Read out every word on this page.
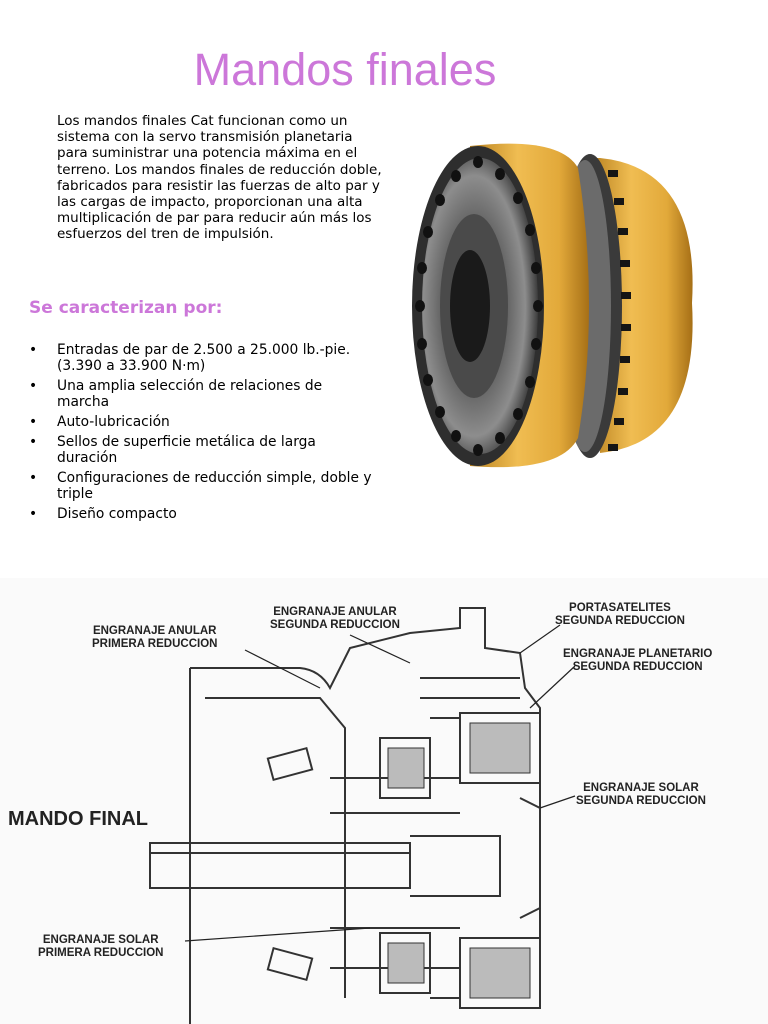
Mandos finales

Los mandos finales Cat funcionan como un sistema con la servo transmisión planetaria para suministrar una potencia máxima en el terreno. Los mandos finales de reducción doble, fabricados para resistir las fuerzas de alto par y las cargas de impacto, proporcionan una alta multiplicación de par para reducir aún más los esfuerzos del tren de impulsión.

Se caracterizan por:
• Entradas de par de 2.500 a 25.000 lb.-pie. (3.390 a 33.900 N·m)
• Una amplia selección de relaciones de marcha
• Auto-lubricación
• Sellos de superficie metálica de larga duración
• Configuraciones de reducción simple, doble y triple
• Diseño compacto
ENGRANAJE ANULAR
PRIMERA REDUCCION
ENGRANAJE ANULAR
SEGUNDA REDUCCION
PORTASATELITES
SEGUNDA REDUCCION
ENGRANAJE PLANETARIO
SEGUNDA REDUCCION
ENGRANAJE SOLAR
SEGUNDA REDUCCION
ENGRANAJE SOLAR
PRIMERA REDUCCION
MANDO FINAL
